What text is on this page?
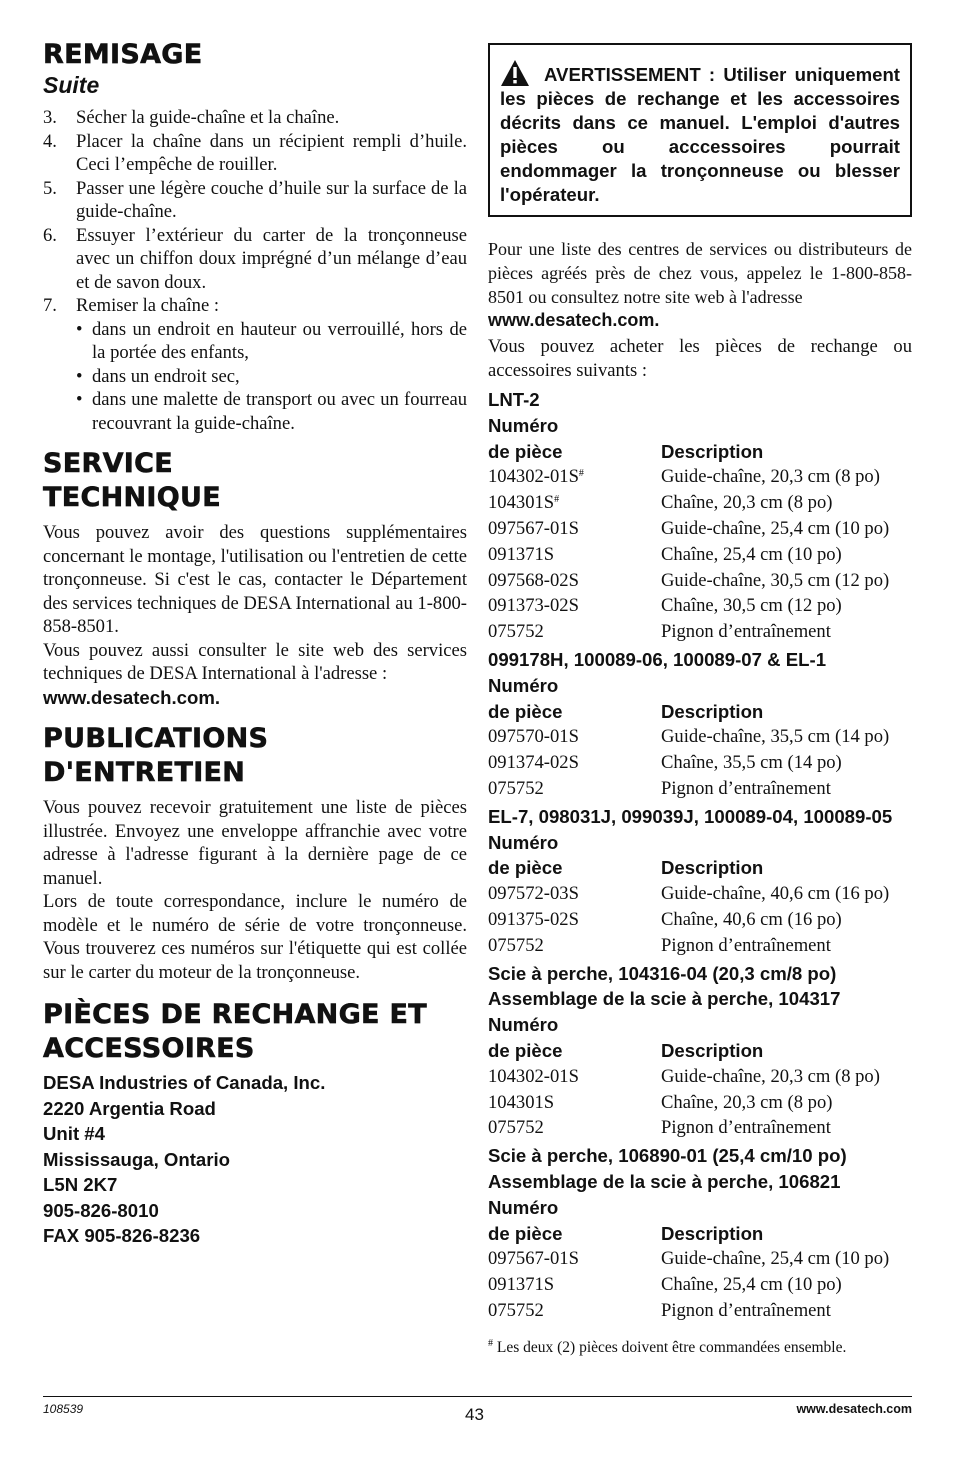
REMISAGE

Suite

3. Sécher la guide-chaîne et la chaîne.
4. Placer la chaîne dans un récipient rempli d’huile. Ceci l’empêche de rouiller.
5. Passer une légère couche d’huile sur la surface de la guide-chaîne.
6. Essuyer l’extérieur du carter de la tronçonneuse avec un chiffon doux imprégné d’un mélange d’eau et de savon doux.
7. Remiser la chaîne :
• dans un endroit en hauteur ou verrouillé, hors de la portée des enfants,
• dans un endroit sec,
• dans une malette de transport ou avec un fourreau recouvrant la guide-chaîne.
SERVICE
TECHNIQUE

Vous pouvez avoir des questions supplémentaires concernant le montage, l'utilisation ou l'entretien de cette tronçonneuse. Si c'est le cas, contacter le Département des services techniques de DESA International au 1-800-858-8501.

Vous pouvez aussi consulter le site web des services techniques de DESA International à l'adresse :

www.desatech.com.

PUBLICATIONS
D'ENTRETIEN

Vous pouvez recevoir gratuitement une liste de pièces illustrée. Envoyez une enveloppe affranchie avec votre adresse à l'adresse figurant à la dernière page de ce manuel.

Lors de toute correspondance, inclure le numéro de modèle et le numéro de série de votre tronçonneuse. Vous trouverez ces numéros sur l'étiquette qui est collée sur le carter du moteur de la tronçonneuse.

PIÈCES DE RECHANGE ET
ACCESSOIRES
DESA Industries of Canada, Inc.
2220 Argentia Road
Unit #4
Mississauga, Ontario
L5N 2K7
905-826-8010
FAX 905-826-8236
AVERTISSEMENT : Utiliser uniquement les pièces de rechange et les accessoires décrits dans ce manuel. L'emploi d'autres pièces ou acccessoires pourrait endommager la tronçonneuse ou blesser l'opérateur.

Pour une liste des centres de services ou distributeurs de pièces agréés près de chez vous, appelez le 1-800-858-8501 ou consultez notre site web à l'adresse

www.desatech.com.

Vous pouvez acheter les pièces de rechange ou accessoires suivants :

LNT-2
Numéro	
de pièce	Description
104302-01S#	Guide-chaîne, 20,3 cm (8 po)
104301S#	Chaîne, 20,3 cm (8 po)
097567-01S	Guide-chaîne, 25,4 cm (10 po)
091371S	Chaîne, 25,4 cm (10 po)
097568-02S	Guide-chaîne, 30,5 cm (12 po)
091373-02S	Chaîne, 30,5 cm (12 po)
075752	Pignon d’entraînement
099178H, 100089-06, 100089-07 & EL-1
Numéro	
de pièce	Description
097570-01S	Guide-chaîne, 35,5 cm (14 po)
091374-02S	Chaîne, 35,5 cm (14 po)
075752	Pignon d’entraînement
EL-7, 098031J, 099039J, 100089-04, 100089-05
Numéro	
de pièce	Description
097572-03S	Guide-chaîne, 40,6 cm (16 po)
091375-02S	Chaîne, 40,6 cm (16 po)
075752	Pignon d’entraînement
Scie à perche, 104316-04 (20,3 cm/8 po)
Assemblage de la scie à perche, 104317
Numéro	
de pièce	Description
104302-01S	Guide-chaîne, 20,3 cm (8 po)
104301S	Chaîne, 20,3 cm (8 po)
075752	Pignon d’entraînement
Scie à perche, 106890-01 (25,4 cm/10 po)
Assemblage de la scie à perche, 106821
Numéro	
de pièce	Description
097567-01S	Guide-chaîne, 25,4 cm (10 po)
091371S	Chaîne, 25,4 cm (10 po)
075752	Pignon d’entraînement

# Les deux (2) pièces doivent être commandées ensemble.

108539	43	www.desatech.com
